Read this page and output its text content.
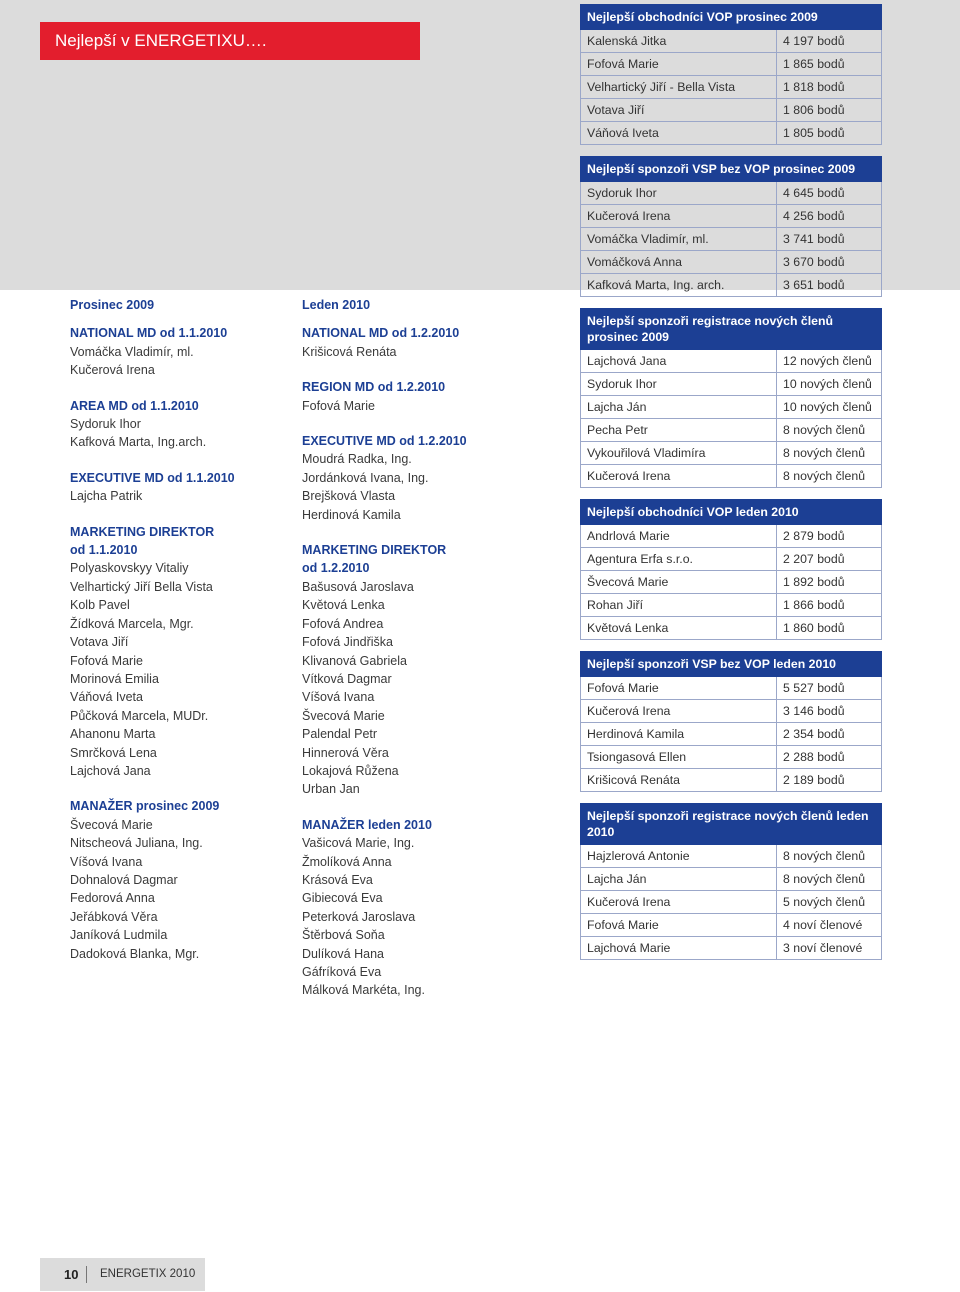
Nejlepší v ENERGETIXU….
Prosinec 2009
NATIONAL MD od 1.1.2010
Vomáčka Vladimír, ml.
Kučerová Irena
AREA MD od 1.1.2010
Sydoruk Ihor
Kafková Marta, Ing.arch.
EXECUTIVE MD od 1.1.2010
Lajcha Patrik
MARKETING DIREKTOR
od 1.1.2010
Polyaskovskyy Vitaliy
Velhartický Jiří Bella Vista
Kolb Pavel
Žídková Marcela, Mgr.
Votava Jiří
Fofová Marie
Morinová Emilia
Váňová Iveta
Půčková Marcela, MUDr.
Ahanonu Marta
Smrčková Lena
Lajchová Jana
MANAŽER prosinec 2009
Švecová Marie
Nitscheová Juliana, Ing.
Víšová Ivana
Dohnalová Dagmar
Fedorová Anna
Jeřábková Věra
Janíková Ludmila
Dadoková Blanka, Mgr.
Leden 2010
NATIONAL MD od 1.2.2010
Krišicová Renáta
REGION MD od 1.2.2010
Fofová Marie
EXECUTIVE MD od 1.2.2010
Moudrá Radka, Ing.
Jordánková Ivana, Ing.
Brejšková Vlasta
Herdinová Kamila
MARKETING DIREKTOR
od 1.2.2010
Bašusová Jaroslava
Květová Lenka
Fofová Andrea
Fofová Jindřiška
Klivanová Gabriela
Vítková Dagmar
Víšová Ivana
Švecová Marie
Palendal Petr
Hinnerová Věra
Lokajová Růžena
Urban Jan
MANAŽER leden 2010
Vašicová Marie, Ing.
Žmolíková Anna
Krásová Eva
Gibiecová Eva
Peterková Jaroslava
Štěrbová Soňa
Dulíková Hana
Gáfríková Eva
Málková Markéta, Ing.
Nejlepší obchodníci VOP prosinec 2009	
Kalenská Jitka	4 197 bodů
Fofová Marie	1 865 bodů
Velhartický Jiří - Bella Vista	1 818 bodů
Votava Jiří	1 806 bodů
Váňová Iveta	1 805 bodů
Nejlepší sponzoři VSP bez VOP prosinec 2009	
Sydoruk Ihor	4 645 bodů
Kučerová Irena	4 256 bodů
Vomáčka Vladimír, ml.	3 741 bodů
Vomáčková Anna	3 670 bodů
Kafková Marta, Ing. arch.	3 651 bodů
Nejlepší sponzoři registrace nových členů prosinec 2009	
Lajchová Jana	12 nových členů
Sydoruk Ihor	10 nových členů
Lajcha Ján	10 nových členů
Pecha Petr	8 nových členů
Vykouřilová Vladimíra	8 nových členů
Kučerová Irena	8 nových členů
Nejlepší obchodníci VOP leden 2010	
Andrlová Marie	2 879 bodů
Agentura Erfa s.r.o.	2 207 bodů
Švecová Marie	1 892 bodů
Rohan Jiří	1 866 bodů
Květová Lenka	1 860 bodů
Nejlepší sponzoři VSP bez VOP leden 2010	
Fofová Marie	5 527 bodů
Kučerová Irena	3 146 bodů
Herdinová Kamila	2 354 bodů
Tsiongasová Ellen	2 288 bodů
Krišicová Renáta	2 189 bodů
Nejlepší sponzoři registrace nových členů leden 2010	
Hajzlerová Antonie	8 nových členů
Lajcha Ján	8 nových členů
Kučerová Irena	5 nových členů
Fofová Marie	4 noví členové
Lajchová Marie	3 noví členové
10 ENERGETIX 2010
